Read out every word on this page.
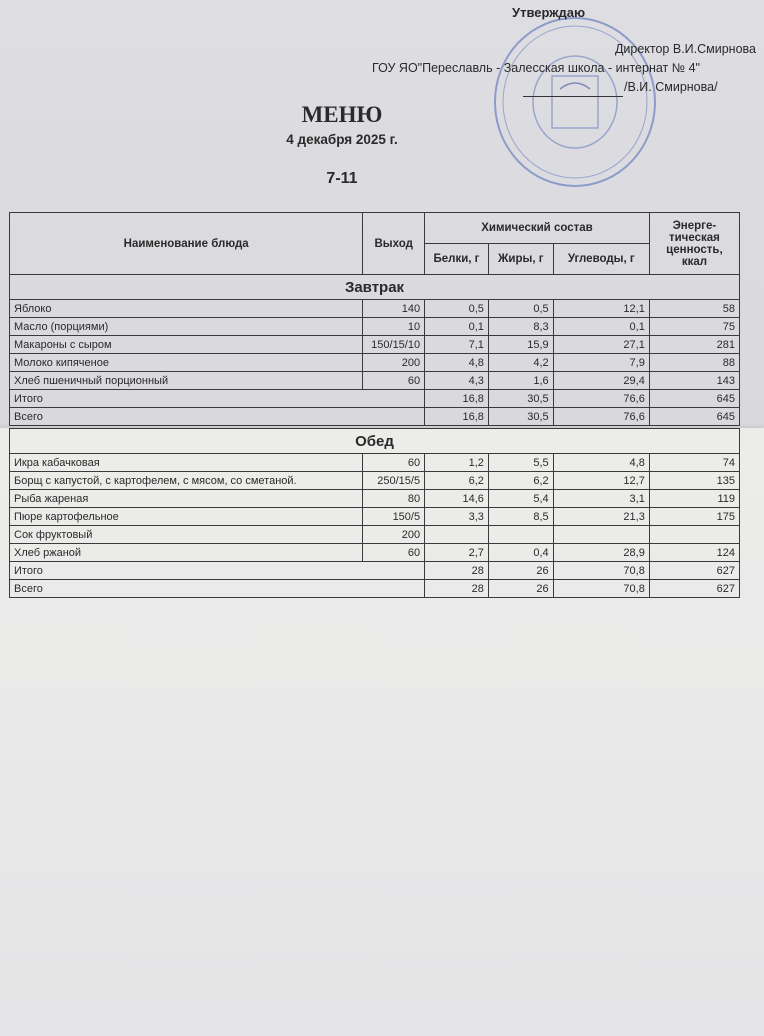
Утверждаю
Директор В.И.Смирнова
ГОУ ЯО"Переславль - Залесская школа - интернат № 4"
/В.И. Смирнова/
МЕНЮ
4 декабря 2025 г.
7-11
Наименование блюда	Выход	Химический состав			Энерге-тическая ценность, ккал
		Белки, г	Жиры, г	Углеводы, г	
Завтрак					
Яблоко	140	0,5	0,5	12,1	58
Масло (порциями)	10	0,1	8,3	0,1	75
Макароны с сыром	150/15/10	7,1	15,9	27,1	281
Молоко кипяченое	200	4,8	4,2	7,9	88
Хлеб пшеничный порционный	60	4,3	1,6	29,4	143
Итого		16,8	30,5	76,6	645
Всего		16,8	30,5	76,6	645
Обед					
Икра кабачковая	60	1,2	5,5	4,8	74
Борщ с капустой, с картофелем, с мясом, со сметаной.	250/15/5	6,2	6,2	12,7	135
Рыба жареная	80	14,6	5,4	3,1	119
Пюре картофельное	150/5	3,3	8,5	21,3	175
Сок фруктовый	200				
Хлеб ржаной	60	2,7	0,4	28,9	124
Итого		28	26	70,8	627
Всего		28	26	70,8	627
